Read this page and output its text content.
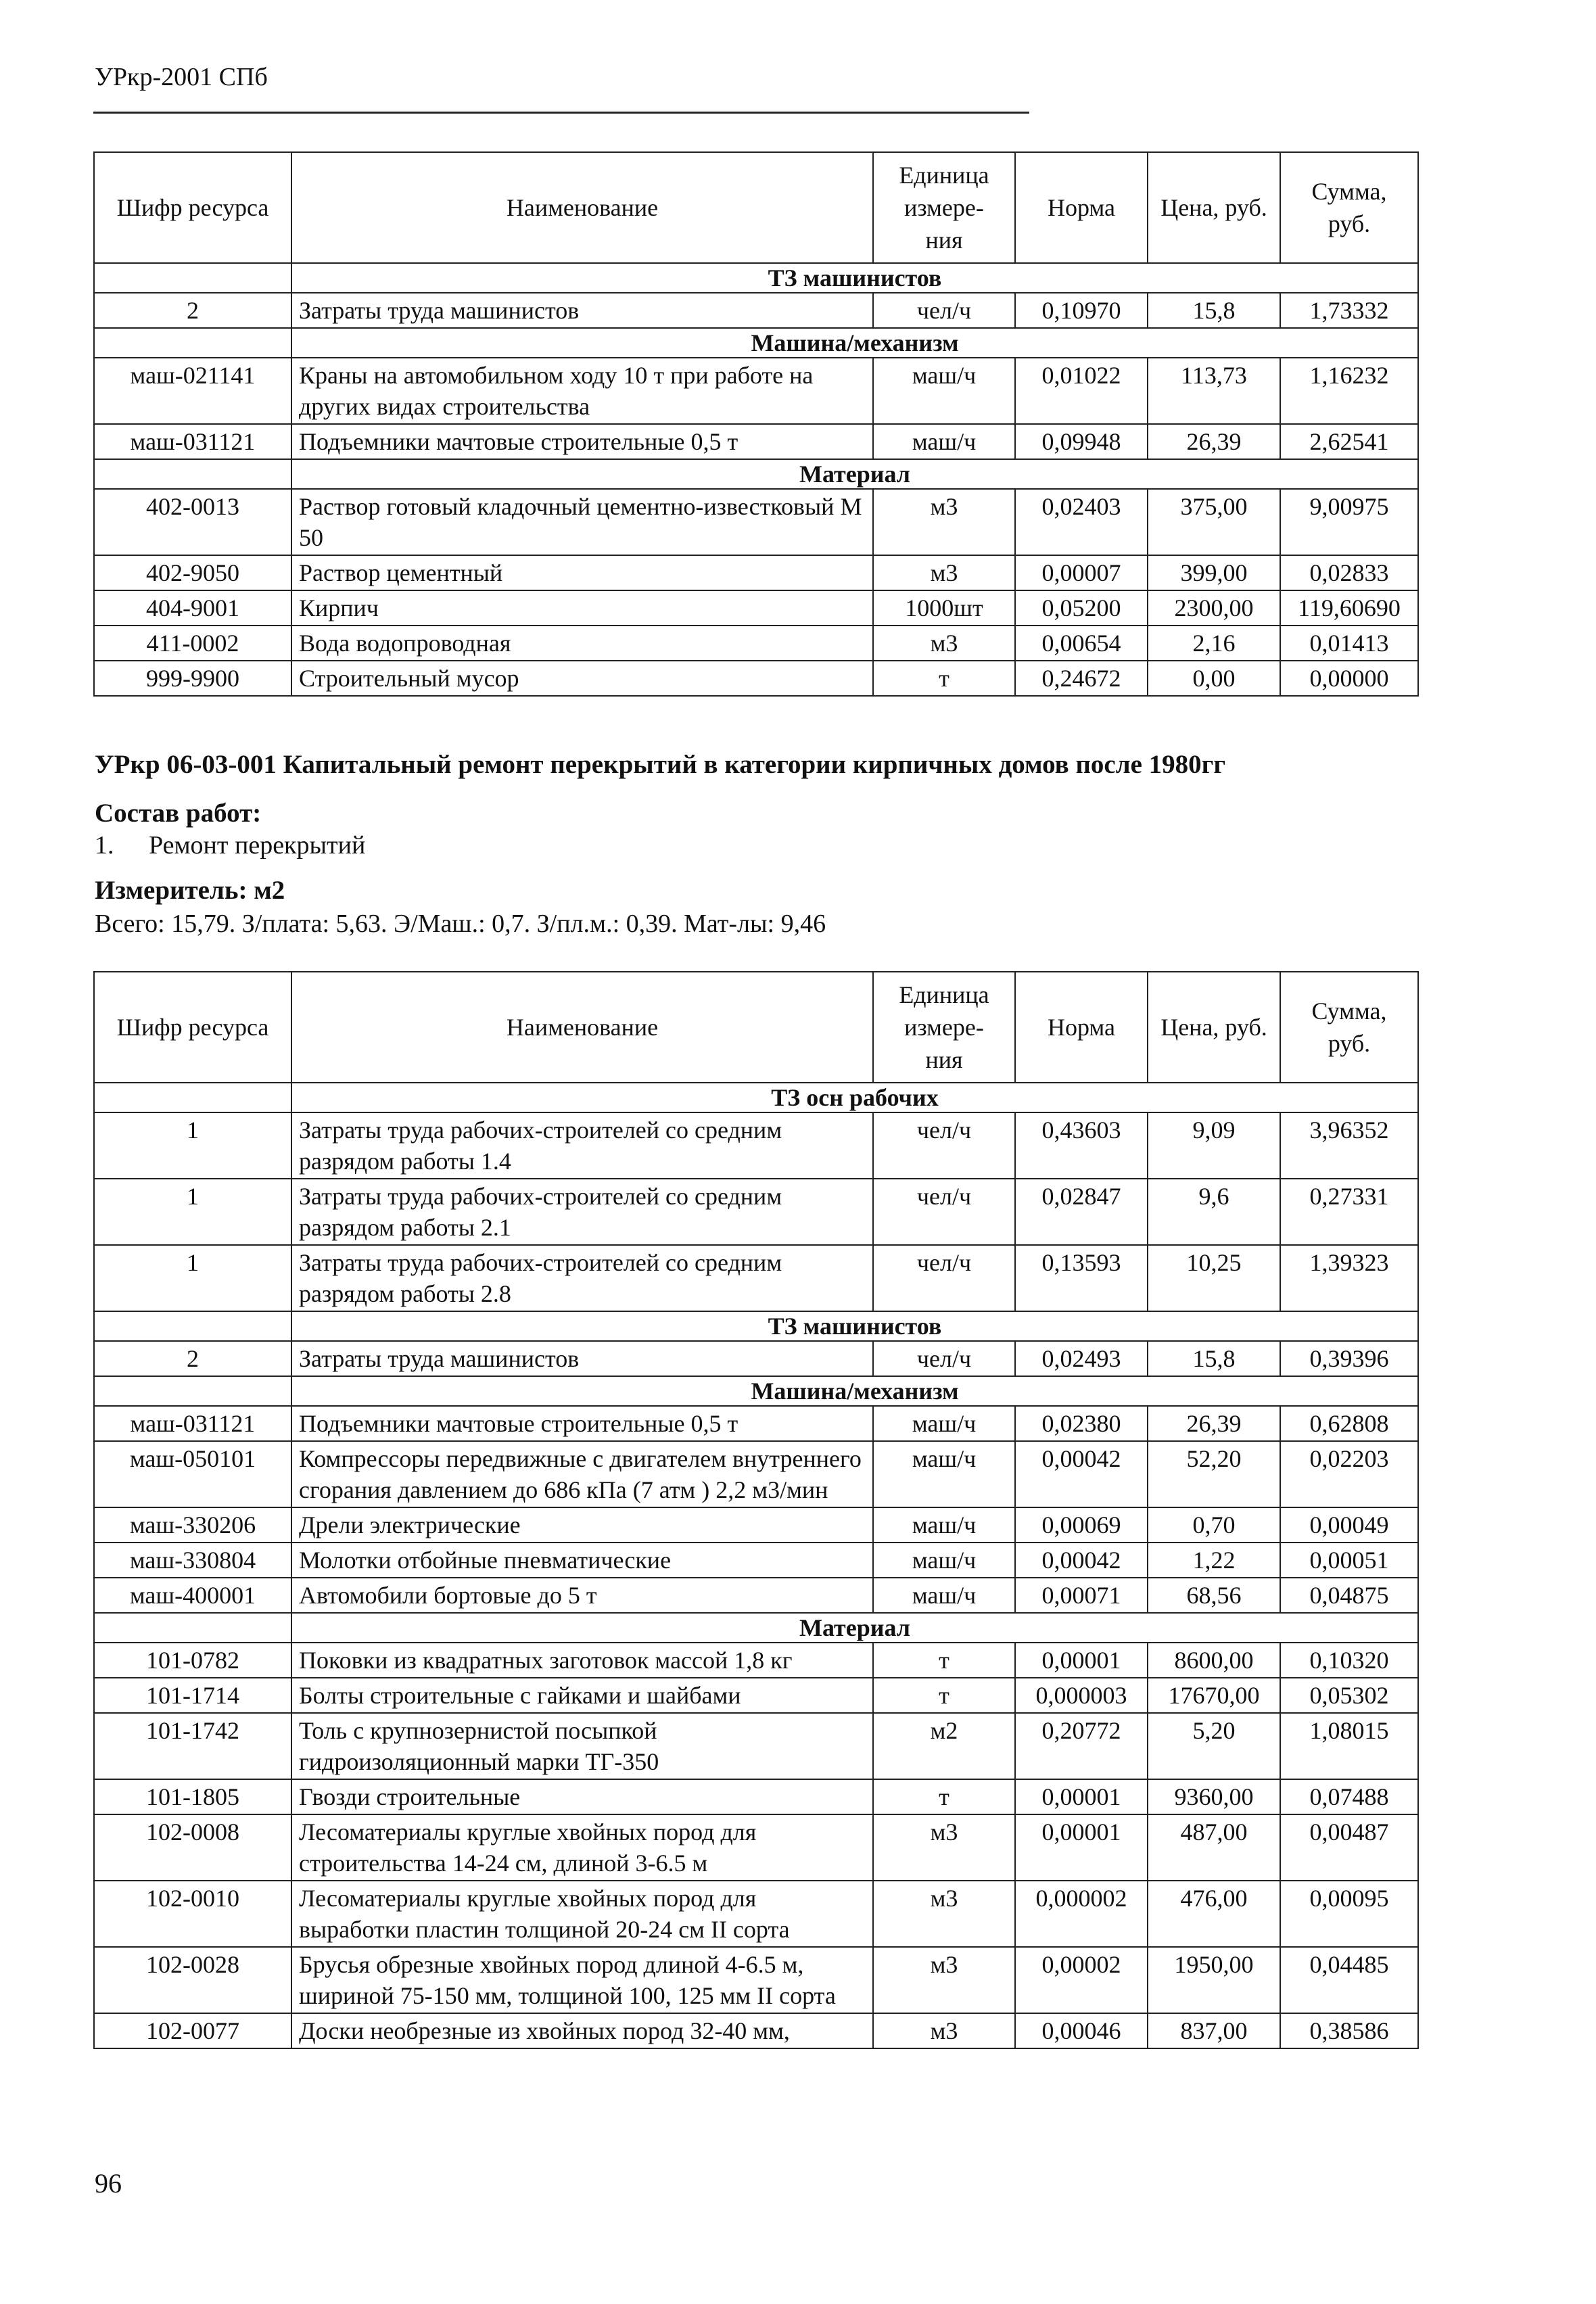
УРкр-2001 СПб
Шифр ресурса	Наименование	Единица
измере-
ния	Норма	Цена, руб.	Сумма, руб.
	ТЗ машинистов				
2	Затраты труда машинистов	чел/ч	0,10970	15,8	1,73332
	Машина/механизм				
маш-021141	Краны на автомобильном ходу 10 т при работе на других видах строительства	маш/ч	0,01022	113,73	1,16232
маш-031121	Подъемники мачтовые строительные 0,5 т	маш/ч	0,09948	26,39	2,62541
	Материал				
402-0013	Раствор готовый кладочный цементно-известковый М 50	м3	0,02403	375,00	9,00975
402-9050	Раствор цементный	м3	0,00007	399,00	0,02833
404-9001	Кирпич	1000шт	0,05200	2300,00	119,60690
411-0002	Вода водопроводная	м3	0,00654	2,16	0,01413
999-9900	Строительный мусор	т	0,24672	0,00	0,00000
УРкр 06-03-001 Капитальный ремонт перекрытий в категории кирпичных домов после 1980гг
Состав работ:
1. Ремонт перекрытий
Измеритель: м2
Всего: 15,79. З/плата: 5,63. Э/Маш.: 0,7. З/пл.м.: 0,39. Мат-лы: 9,46
Шифр ресурса	Наименование	Единица
измере-
ния	Норма	Цена, руб.	Сумма, руб.
	ТЗ осн рабочих				
1	Затраты труда рабочих-строителей со средним разрядом работы 1.4	чел/ч	0,43603	9,09	3,96352
1	Затраты труда рабочих-строителей со средним разрядом работы 2.1	чел/ч	0,02847	9,6	0,27331
1	Затраты труда рабочих-строителей со средним разрядом работы 2.8	чел/ч	0,13593	10,25	1,39323
	ТЗ машинистов				
2	Затраты труда машинистов	чел/ч	0,02493	15,8	0,39396
	Машина/механизм				
маш-031121	Подъемники мачтовые строительные 0,5 т	маш/ч	0,02380	26,39	0,62808
маш-050101	Компрессоры передвижные с двигателем внутреннего сгорания давлением до 686 кПа (7 атм ) 2,2 м3/мин	маш/ч	0,00042	52,20	0,02203
маш-330206	Дрели электрические	маш/ч	0,00069	0,70	0,00049
маш-330804	Молотки отбойные пневматические	маш/ч	0,00042	1,22	0,00051
маш-400001	Автомобили бортовые до 5 т	маш/ч	0,00071	68,56	0,04875
	Материал				
101-0782	Поковки из квадратных заготовок массой 1,8 кг	т	0,00001	8600,00	0,10320
101-1714	Болты строительные с гайками и шайбами	т	0,000003	17670,00	0,05302
101-1742	Толь с крупнозернистой посыпкой гидроизоляционный марки ТГ-350	м2	0,20772	5,20	1,08015
101-1805	Гвозди строительные	т	0,00001	9360,00	0,07488
102-0008	Лесоматериалы круглые хвойных пород для строительства 14-24 см, длиной 3-6.5 м	м3	0,00001	487,00	0,00487
102-0010	Лесоматериалы круглые хвойных пород для выработки пластин толщиной 20-24 см II сорта	м3	0,000002	476,00	0,00095
102-0028	Брусья обрезные хвойных пород длиной 4-6.5 м, шириной 75-150 мм, толщиной 100, 125 мм II сорта	м3	0,00002	1950,00	0,04485
102-0077	Доски необрезные из хвойных пород 32-40 мм,	м3	0,00046	837,00	0,38586
96
